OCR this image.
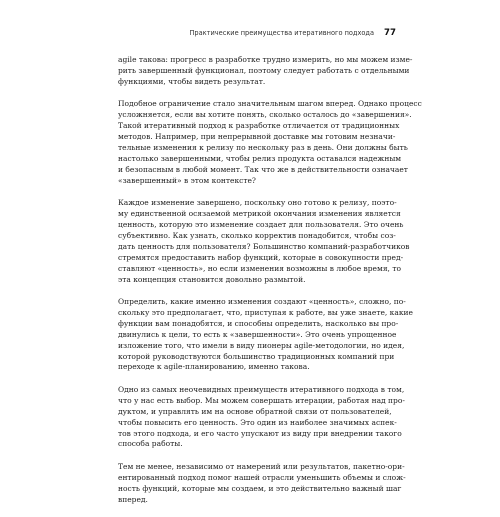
Практические преимущества итеративного подхода 77

agile такова: прогресс в разработке трудно измерить, но мы можем изме-
рить завершенный функционал, поэтому следует работать с отдельными
функциями, чтобы видеть результат.

Подобное ограничение стало значительным шагом вперед. Однако процесс
усложняется, если вы хотите понять, сколько осталось до «завершения».
Такой итеративный подход к разработке отличается от традиционных
методов. Например, при непрерывной доставке мы готовим незначи-
тельные изменения к релизу по нескольку раз в день. Они должны быть
настолько завершенными, чтобы релиз продукта оставался надежным
и безопасным в любой момент. Так что же в действительности означает
«завершенный» в этом контексте?

Каждое изменение завершено, поскольку оно готово к релизу, поэто-
му единственной осязаемой метрикой окончания изменения является
ценность, которую это изменение создает для пользователя. Это очень
субъективно. Как узнать, сколько корректив понадобится, чтобы соз-
дать ценность для пользователя? Большинство компаний-разработчиков
стремятся предоставить набор функций, которые в совокупности пред-
ставляют «ценность», но если изменения возможны в любое время, то
эта концепция становится довольно размытой.

Определить, какие именно изменения создают «ценность», сложно, по-
скольку это предполагает, что, приступая к работе, вы уже знаете, какие
функции вам понадобятся, и способны определить, насколько вы про-
двинулись к цели, то есть к «завершенности». Это очень упрощенное
изложение того, что имели в виду пионеры agile-методологии, но идея,
которой руководствуются большинство традиционных компаний при
переходе к agile-планированию, именно такова.

Одно из самых неочевидных преимуществ итеративного подхода в том,
что у нас есть выбор. Мы можем совершать итерации, работая над про-
дуктом, и управлять им на основе обратной связи от пользователей,
чтобы повысить его ценность. Это один из наиболее значимых аспек-
тов этого подхода, и его часто упускают из виду при внедрении такого
способа работы.

Тем не менее, независимо от намерений или результатов, пакетно-ори-
ентированный подход помог нашей отрасли уменьшить объемы и слож-
ность функций, которые мы создаем, и это действительно важный шаг
вперед.
